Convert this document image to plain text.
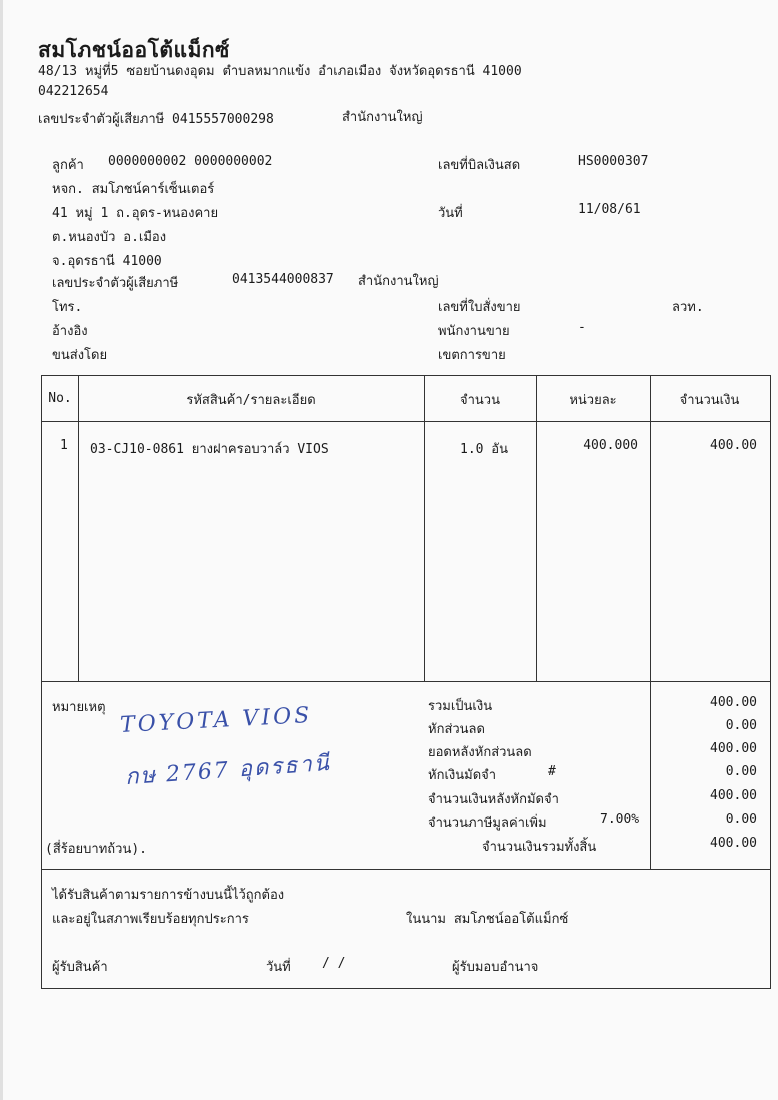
สมโภชน์ออโต้แม็กซ์
48/13 หมู่ที่5 ซอยบ้านดงอุดม ตำบลหมากแข้ง อำเภอเมือง จังหวัดอุดรธานี 41000
042212654
เลขประจำตัวผู้เสียภาษี 0415557000298	สำนักงานใหญ่
ลูกค้า 0000000002 0000000002
หจก. สมโภชน์คาร์เซ็นเตอร์
41 หมู่ 1 ถ.อุดร-หนองคาย
ต.หนองบัว อ.เมือง
จ.อุดรธานี 41000
เลขประจำตัวผู้เสียภาษี	0413544000837 สำนักงานใหญ่
โทร.
อ้างอิง
ขนส่งโดย
เลขที่บิลเงินสด	HS0000307
วันที่	11/08/61
เลขที่ใบสั่งขาย	ลวท.
พนักงานขาย	-
เขตการขาย
No.	รหัสสินค้า/รายละเอียด	จำนวน	หน่วยละ	จำนวนเงิน
1 03-CJ10-0861 ยางฝาครอบวาล์ว VIOS	1.0 อัน	400.000	400.00
หมายเหตุ TOYOTA VIOS
กษ 2767 อุดรธานี
(สี่ร้อยบาทถ้วน).
รวมเป็นเงิน	400.00
หักส่วนลด	0.00
ยอดหลังหักส่วนลด	400.00
หักเงินมัดจำ	#	0.00
จำนวนเงินหลังหักมัดจำ	400.00
จำนวนภาษีมูลค่าเพิ่ม	7.00%	0.00
จำนวนเงินรวมทั้งสิ้น	400.00
ได้รับสินค้าตามรายการข้างบนนี้ไว้ถูกต้อง
และอยู่ในสภาพเรียบร้อยทุกประการ	ในนาม สมโภชน์ออโต้แม็กซ์
ผู้รับสินค้า	วันที่ / /	ผู้รับมอบอำนาจ
